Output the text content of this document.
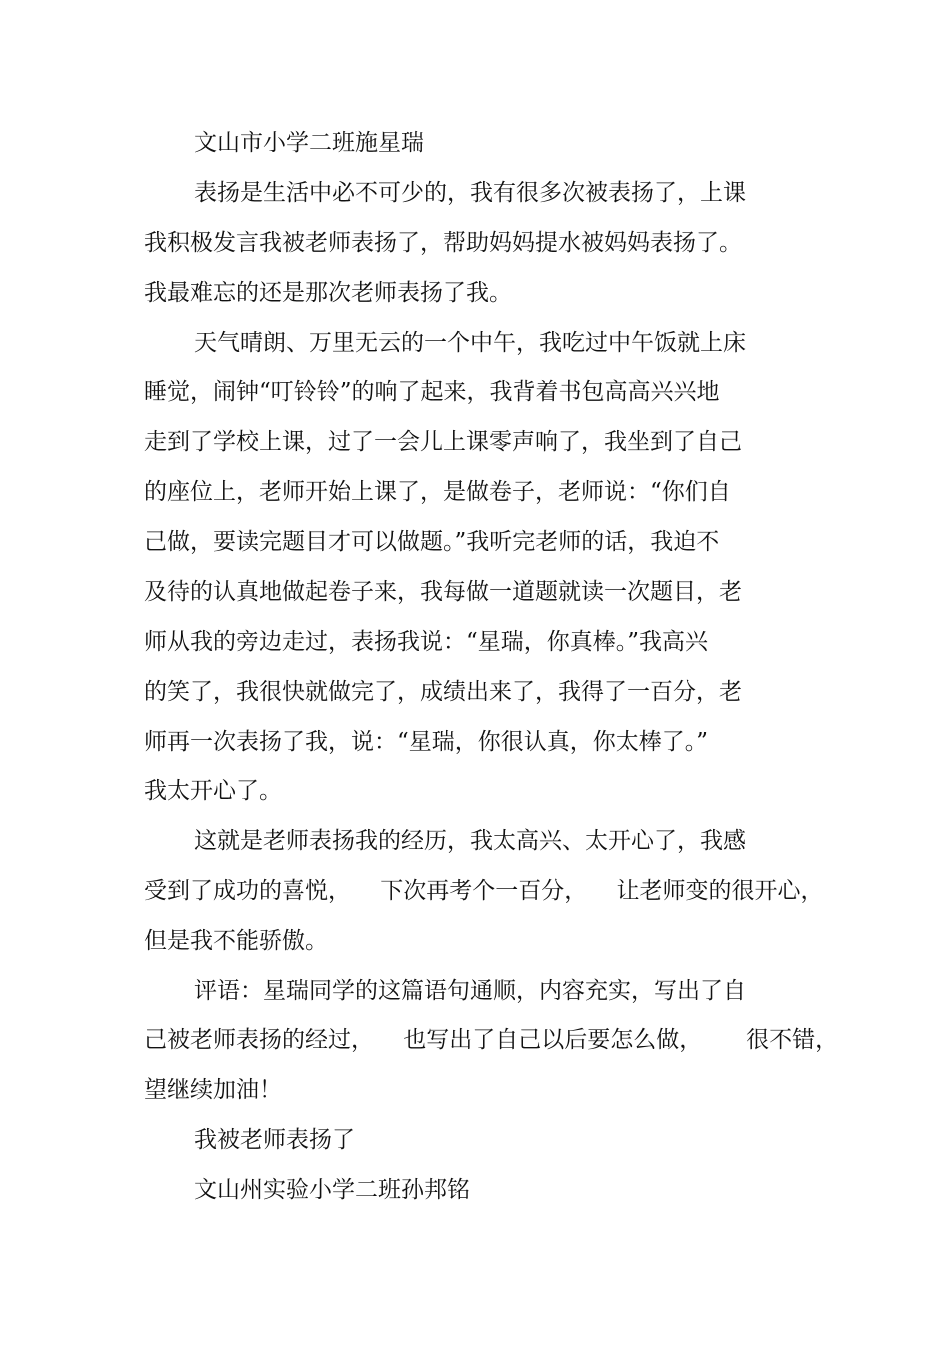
文山市小学二班施星瑞
表扬是生活中必不可少的，我有很多次被表扬了，上课
我积极发言我被老师表扬了，帮助妈妈提水被妈妈表扬了。
我最难忘的还是那次老师表扬了我。
天气晴朗、万里无云的一个中午，我吃过中午饭就上床
睡觉，闹钟“叮铃铃”的响了起来，我背着书包高高兴兴地
走到了学校上课，过了一会儿上课零声响了，我坐到了自己
的座位上，老师开始上课了，是做卷子，老师说：“你们自
己做，要读完题目才可以做题。”我听完老师的话，我迫不
及待的认真地做起卷子来，我每做一道题就读一次题目，老
师从我的旁边走过，表扬我说：“星瑞，你真棒。”我高兴
的笑了，我很快就做完了，成绩出来了，我得了一百分，老
师再一次表扬了我，说：“星瑞，你很认真，你太棒了。”
我太开心了。
这就是老师表扬我的经历，我太高兴、太开心了，我感
受到了成功的喜悦，    下次再考个一百分，    让老师变的很开心，
但是我不能骄傲。
评语：星瑞同学的这篇语句通顺，内容充实，写出了自
己被老师表扬的经过，    也写出了自己以后要怎么做，      很不错，
望继续加油！
我被老师表扬了
文山州实验小学二班孙邦铭
